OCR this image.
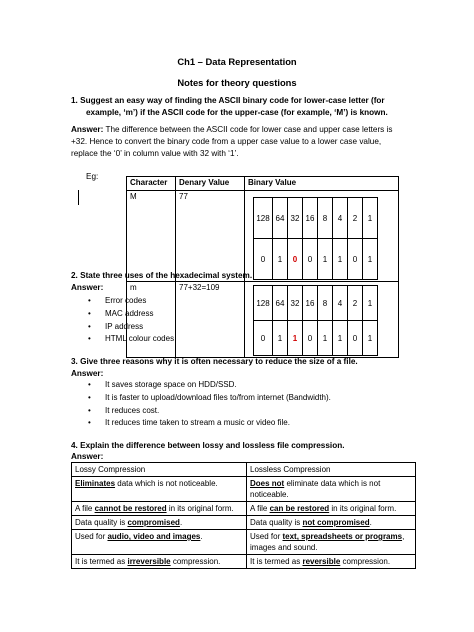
Ch1 – Data Representation
Notes for theory questions
1. Suggest an easy way of finding the ASCII binary code for lower-case letter (for
example, ‘m’) if the ASCII code for the upper-case (for example, ‘M’) is known.
Answer: The difference between the ASCII code for lower case and upper case letters is
+32. Hence to convert the binary code from a upper case value to a lower case value,
replace the ‘0’ in column value with 32 with ‘1’.
Eg:
Character	Denary Value	Binary Value
M	77	
128	64	32	16	8	4	2	1
0	1	0	0	1	1	0	1

m	77+32=109	
128	64	32	16	8	4	2	1
0	1	1	0	1	1	0	1
2. State three uses of the hexadecimal system.
Answer:
• Error codes
• MAC address
• IP address
• HTML colour codes
3. Give three reasons why it is often necessary to reduce the size of a file.
Answer:
• It saves storage space on HDD/SSD.
• It is faster to upload/download files to/from internet (Bandwidth).
• It reduces cost.
• It reduces time taken to stream a music or video file.
4. Explain the difference between lossy and lossless file compression.
Answer:
Lossy Compression	Lossless Compression
Eliminates data which is not noticeable.	Does not eliminate data which is not noticeable.
A file cannot be restored in its original form.	A file can be restored in its original form.
Data quality is compromised.	Data quality is not compromised.
Used for audio, video and images.	Used for text, spreadsheets or programs, images and sound.
It is termed as irreversible compression.	It is termed as reversible compression.
